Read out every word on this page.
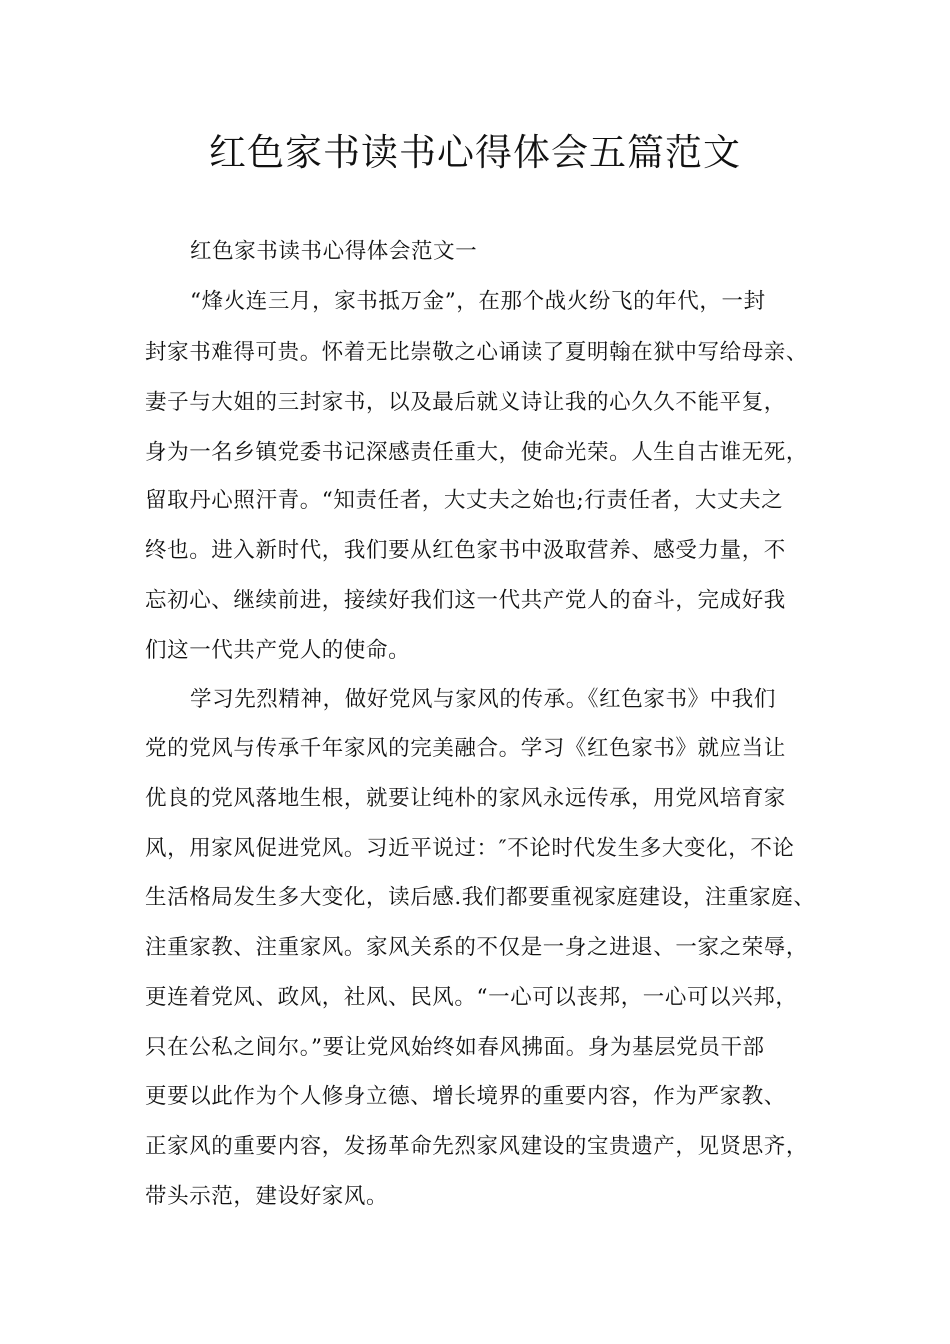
红色家书读书心得体会五篇范文
红色家书读书心得体会范文一
“烽火连三月，家书抵万金”，在那个战火纷飞的年代，一封
封家书难得可贵。怀着无比崇敬之心诵读了夏明翰在狱中写给母亲、
妻子与大姐的三封家书，以及最后就义诗让我的心久久不能平复，
身为一名乡镇党委书记深感责任重大，使命光荣。人生自古谁无死，
留取丹心照汗青。“知责任者，大丈夫之始也;行责任者，大丈夫之
终也。进入新时代，我们要从红色家书中汲取营养、感受力量，不
忘初心、继续前进，接续好我们这一代共产党人的奋斗，完成好我
们这一代共产党人的使命。
学习先烈精神，做好党风与家风的传承。《红色家书》中我们
党的党风与传承千年家风的完美融合。学习《红色家书》就应当让
优良的党风落地生根，就要让纯朴的家风永远传承，用党风培育家
风，用家风促进党风。习近平说过：″不论时代发生多大变化，不论
生活格局发生多大变化，读后感.我们都要重视家庭建设，注重家庭、
注重家教、注重家风。家风关系的不仅是一身之进退、一家之荣辱，
更连着党风、政风，社风、民风。“一心可以丧邦，一心可以兴邦，
只在公私之间尔。”要让党风始终如春风拂面。身为基层党员干部
更要以此作为个人修身立德、增长境界的重要内容，作为严家教、
正家风的重要内容，发扬革命先烈家风建设的宝贵遗产，见贤思齐，
带头示范，建设好家风。
